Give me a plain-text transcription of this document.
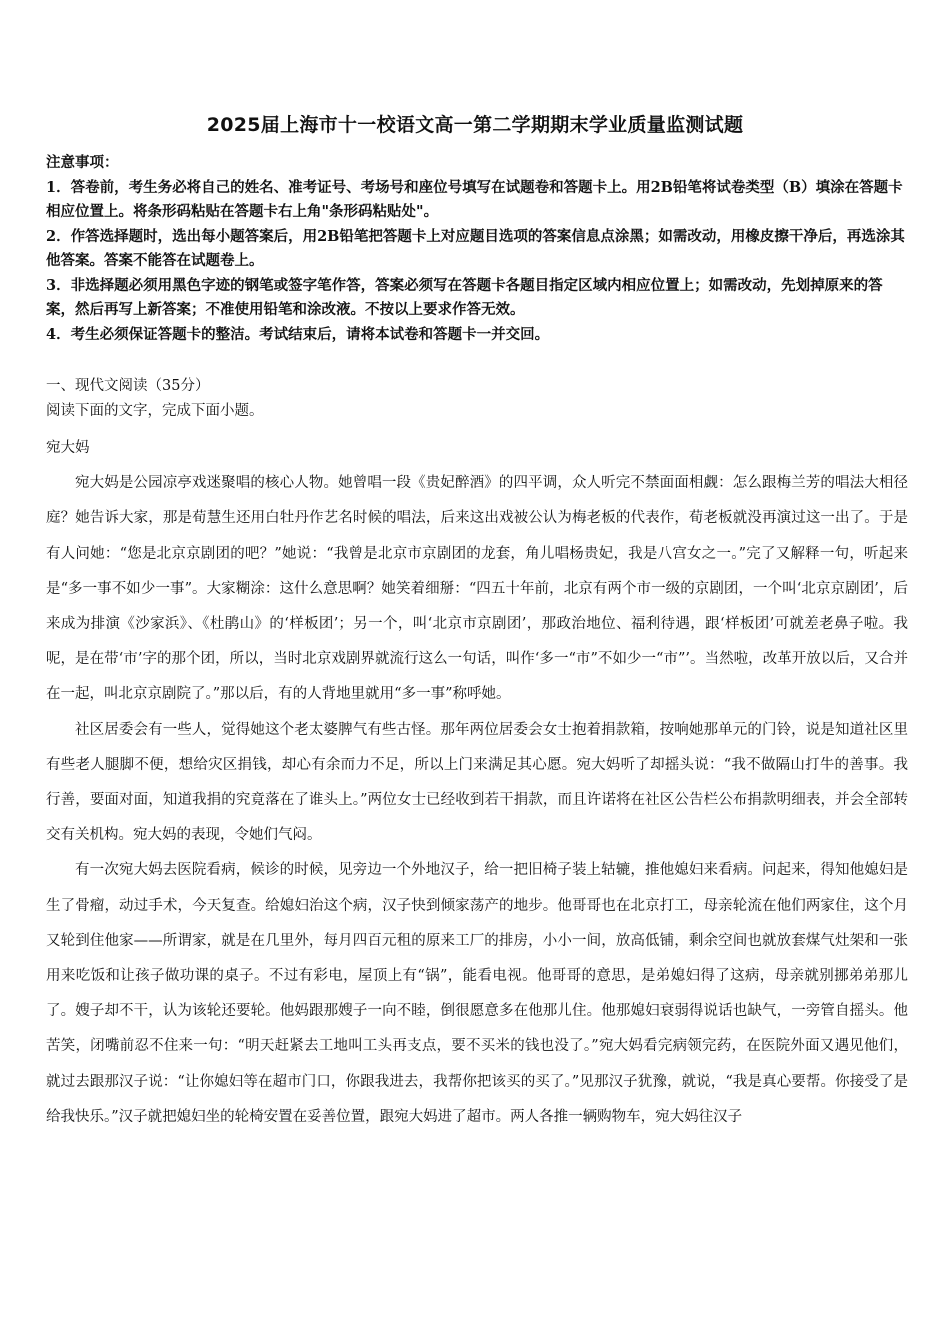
2025届上海市十一校语文高一第二学期期末学业质量监测试题

注意事项：

1．答卷前，考生务必将自己的姓名、准考证号、考场号和座位号填写在试题卷和答题卡上。用2B铅笔将试卷类型（B）填涂在答题卡相应位置上。将条形码粘贴在答题卡右上角"条形码粘贴处"。

2．作答选择题时，选出每小题答案后，用2B铅笔把答题卡上对应题目选项的答案信息点涂黑；如需改动，用橡皮擦干净后，再选涂其他答案。答案不能答在试题卷上。

3．非选择题必须用黑色字迹的钢笔或签字笔作答，答案必须写在答题卡各题目指定区域内相应位置上；如需改动，先划掉原来的答案，然后再写上新答案；不准使用铅笔和涂改液。不按以上要求作答无效。

4．考生必须保证答题卡的整洁。考试结束后，请将本试卷和答题卡一并交回。

一、现代文阅读（35分）

阅读下面的文字，完成下面小题。

宛大妈

宛大妈是公园凉亭戏迷聚唱的核心人物。她曾唱一段《贵妃醉酒》的四平调，众人听完不禁面面相觑：怎么跟梅兰芳的唱法大相径庭？她告诉大家，那是荀慧生还用白牡丹作艺名时候的唱法，后来这出戏被公认为梅老板的代表作，荀老板就没再演过这一出了。于是有人问她：“您是北京京剧团的吧？”她说：“我曾是北京市京剧团的龙套，角儿唱杨贵妃，我是八宫女之一。”完了又解释一句，听起来是“多一事不如少一事”。大家糊涂：这什么意思啊？她笑着细掰：“四五十年前，北京有两个市一级的京剧团，一个叫‘北京京剧团’，后来成为排演《沙家浜》、《杜鹃山》的‘样板团’；另一个，叫‘北京市京剧团’，那政治地位、福利待遇，跟‘样板团’可就差老鼻子啦。我呢，是在带‘市’字的那个团，所以，当时北京戏剧界就流行这么一句话，叫作‘多一“市”不如少一“市”’。当然啦，改革开放以后，又合并在一起，叫北京京剧院了。”那以后，有的人背地里就用“多一事”称呼她。

社区居委会有一些人，觉得她这个老太婆脾气有些古怪。那年两位居委会女士抱着捐款箱，按响她那单元的门铃，说是知道社区里有些老人腿脚不便，想给灾区捐钱，却心有余而力不足，所以上门来满足其心愿。宛大妈听了却摇头说：“我不做隔山打牛的善事。我行善，要面对面，知道我捐的究竟落在了谁头上。”两位女士已经收到若干捐款，而且许诺将在社区公告栏公布捐款明细表，并会全部转交有关机构。宛大妈的表现，令她们气闷。

有一次宛大妈去医院看病，候诊的时候，见旁边一个外地汉子，给一把旧椅子装上轱辘，推他媳妇来看病。问起来，得知他媳妇是生了骨瘤，动过手术，今天复查。给媳妇治这个病，汉子快到倾家荡产的地步。他哥哥也在北京打工，母亲轮流在他们两家住，这个月又轮到住他家——所谓家，就是在几里外，每月四百元租的原来工厂的排房，小小一间，放高低铺，剩余空间也就放套煤气灶架和一张用来吃饭和让孩子做功课的桌子。不过有彩电，屋顶上有“锅”，能看电视。他哥哥的意思，是弟媳妇得了这病，母亲就别挪弟弟那儿了。嫂子却不干，认为该轮还要轮。他妈跟那嫂子一向不睦，倒很愿意多在他那儿住。他那媳妇衰弱得说话也缺气，一旁管自摇头。他苦笑，闭嘴前忍不住来一句：“明天赶紧去工地叫工头再支点，要不买米的钱也没了。”宛大妈看完病领完药，在医院外面又遇见他们，就过去跟那汉子说：“让你媳妇等在超市门口，你跟我进去，我帮你把该买的买了。”见那汉子犹豫，就说，“我是真心要帮。你接受了是给我快乐。”汉子就把媳妇坐的轮椅安置在妥善位置，跟宛大妈进了超市。两人各推一辆购物车，宛大妈往汉子
